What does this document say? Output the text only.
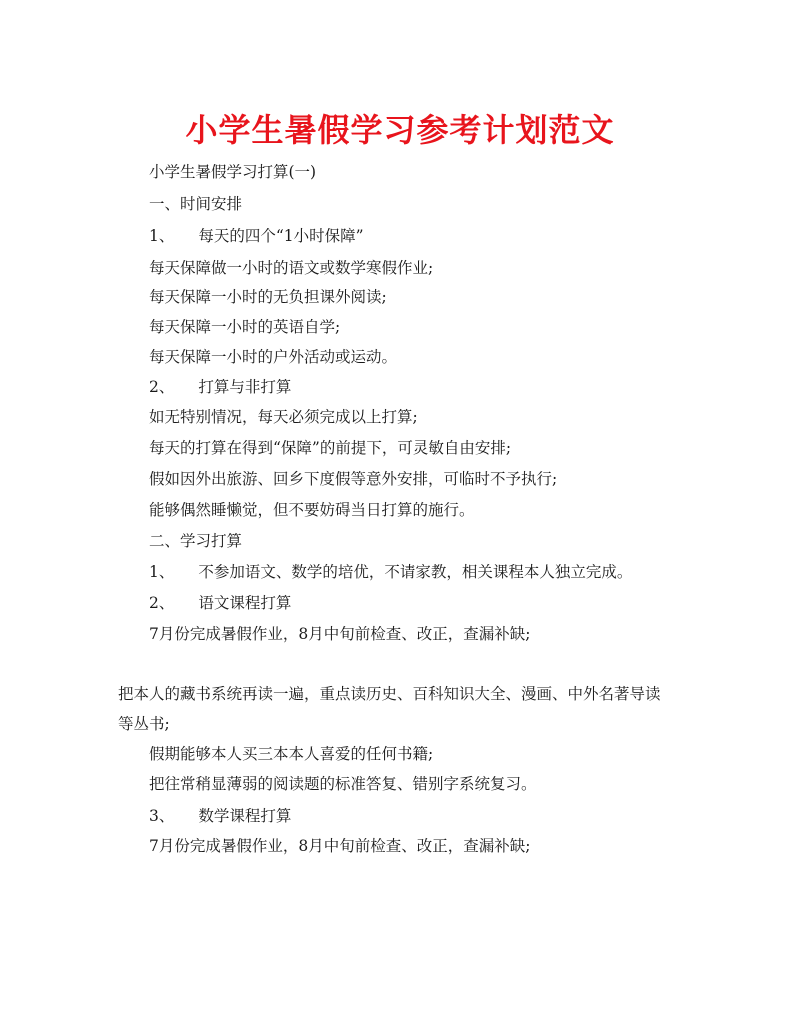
小学生暑假学习参考计划范文
小学生暑假学习打算(一)
一、时间安排
1、 每天的四个“1小时保障”
每天保障做一小时的语文或数学寒假作业;
每天保障一小时的无负担课外阅读;
每天保障一小时的英语自学;
每天保障一小时的户外活动或运动。
2、 打算与非打算
如无特别情况，每天必须完成以上打算;
每天的打算在得到“保障”的前提下，可灵敏自由安排;
假如因外出旅游、回乡下度假等意外安排，可临时不予执行;
能够偶然睡懒觉，但不要妨碍当日打算的施行。
二、学习打算
1、 不参加语文、数学的培优，不请家教，相关课程本人独立完成。
2、 语文课程打算
7月份完成暑假作业，8月中旬前检查、改正，查漏补缺;
把本人的藏书系统再读一遍，重点读历史、百科知识大全、漫画、中外名著导读
等丛书;
假期能够本人买三本本人喜爱的任何书籍;
把往常稍显薄弱的阅读题的标准答复、错别字系统复习。
3、 数学课程打算
7月份完成暑假作业，8月中旬前检查、改正，查漏补缺;
